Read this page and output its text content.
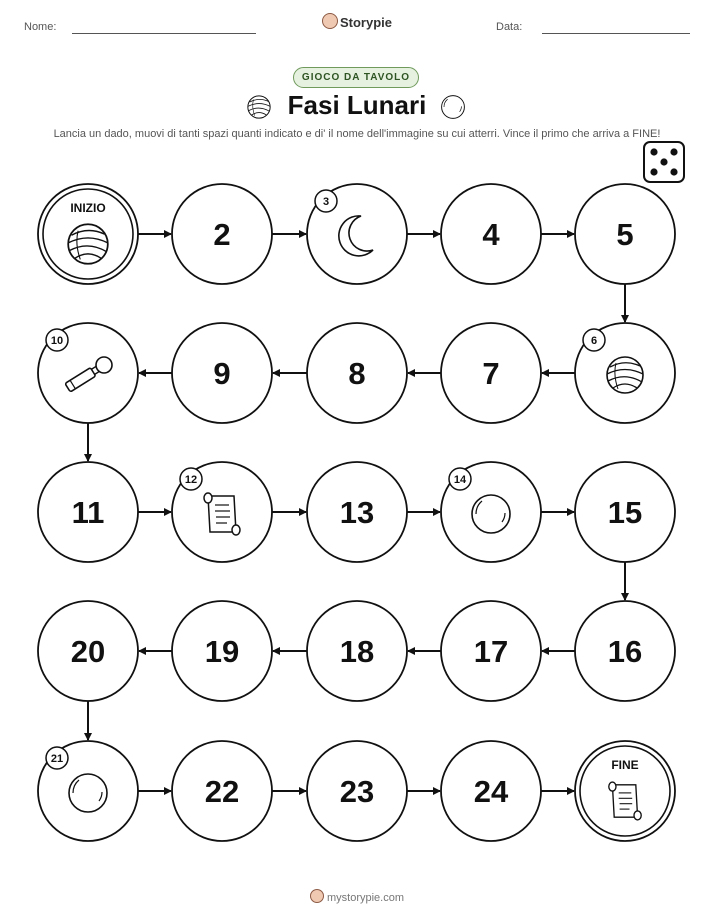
Nome:	Storypie	Data:
GIOCO DA TAVOLO
Fasi Lunari
Lancia un dado, muovi di tanti spazi quanti indicato e di' il nome dell'immagine su cui atterri. Vince il primo che arriva a FINE!
INIZIO
2
3
4	5
6
7
8
9
10
11
12
13
14
15
16
17
18
19
20
21
22	23	24
FINE
mystorypie.com
